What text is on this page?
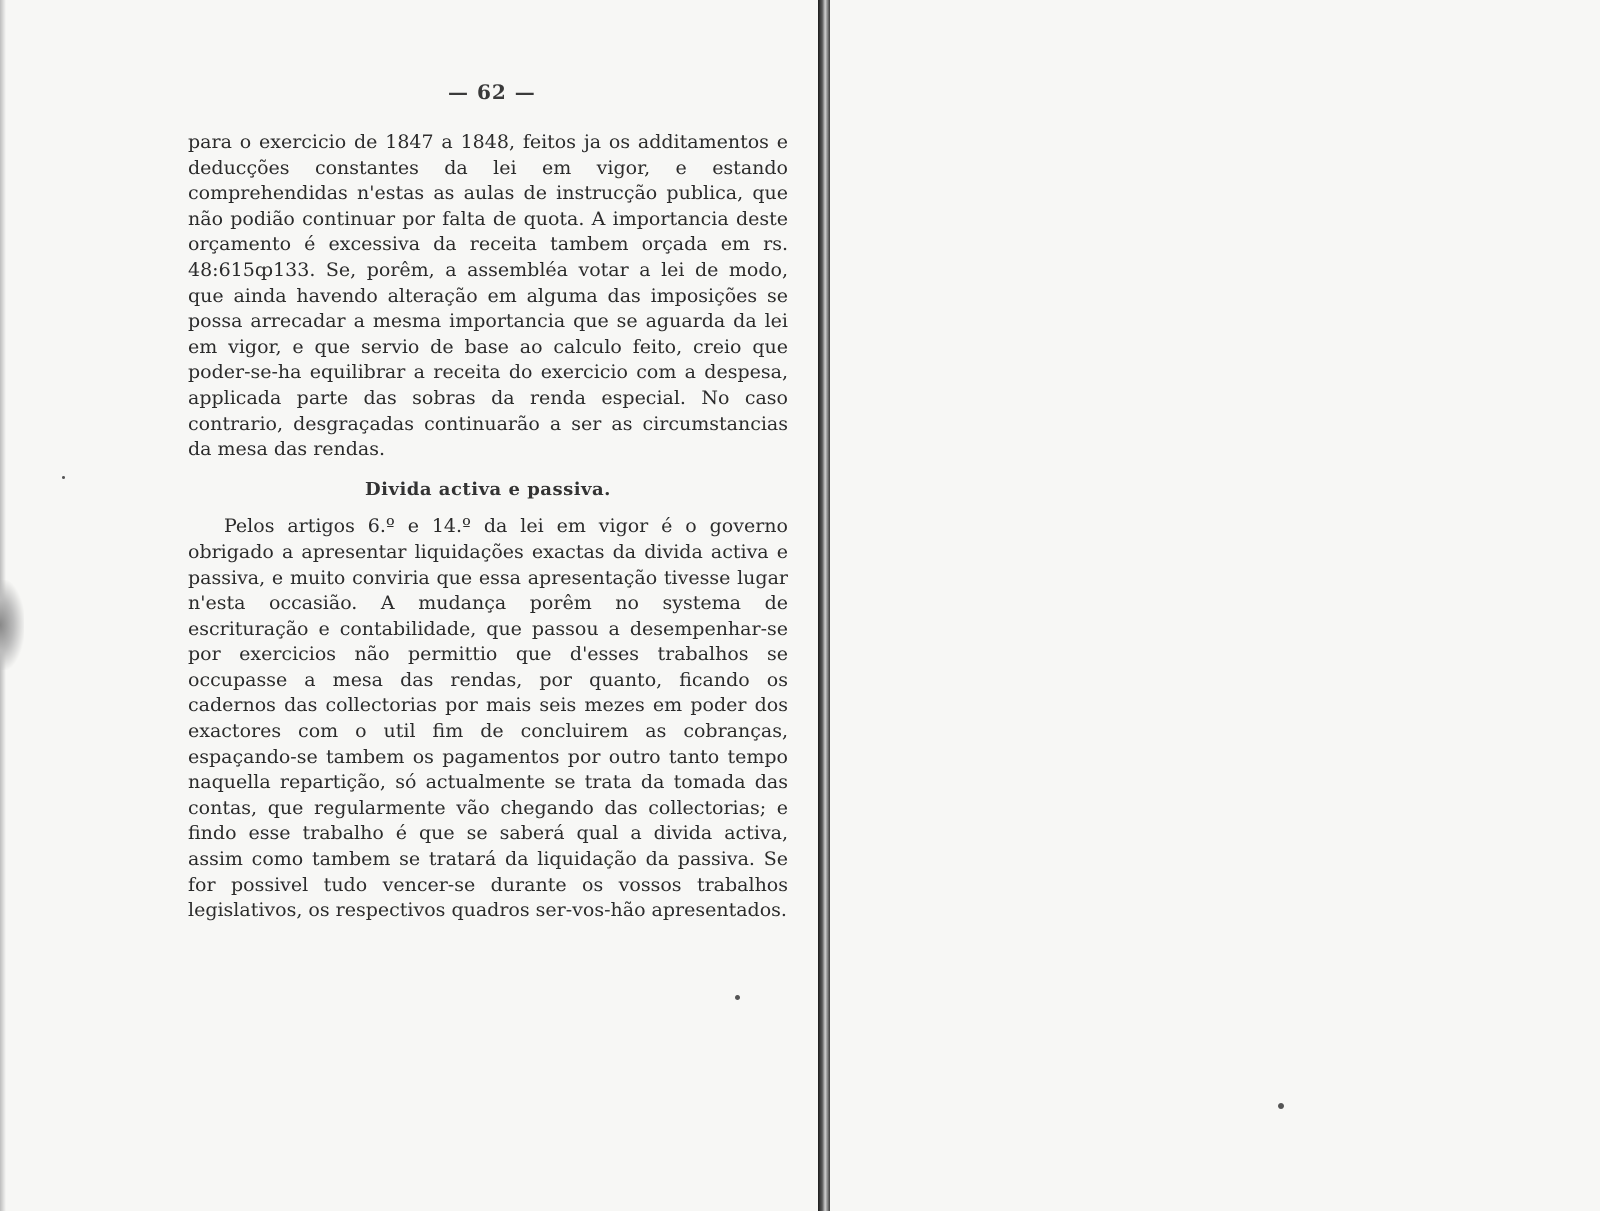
— 62 —

para o exercicio de 1847 a 1848, feitos ja os additamentos e deducções constantes da lei em vigor, e estando comprehendidas n'estas as aulas de instrucção publica, que não podião continuar por falta de quota. A importancia deste orçamento é excessiva da receita tambem orçada em rs. 48:615ȹ133. Se, porêm, a assembléa votar a lei de modo, que ainda havendo alteração em alguma das imposições se possa arrecadar a mesma importancia que se aguarda da lei em vigor, e que servio de base ao calculo feito, creio que poder-se-ha equilibrar a receita do exercicio com a despesa, applicada parte das sobras da renda especial. No caso contrario, desgraçadas continuarão a ser as circumstancias da mesa das rendas.

Divida activa e passiva.

Pelos artigos 6.º e 14.º da lei em vigor é o governo obrigado a apresentar liquidações exactas da divida activa e passiva, e muito conviria que essa apresentação tivesse lugar n'esta occasião. A mudança porêm no systema de escrituração e contabilidade, que passou a desempenhar-se por exercicios não permittio que d'esses trabalhos se occupasse a mesa das rendas, por quanto, ficando os cadernos das collectorias por mais seis mezes em poder dos exactores com o util fim de concluirem as cobranças, espaçando-se tambem os pagamentos por outro tanto tempo naquella repartição, só actualmente se trata da tomada das contas, que regularmente vão chegando das collectorias; e findo esse trabalho é que se saberá qual a divida activa, assim como tambem se tratará da liquidação da passiva. Se for possivel tudo vencer-se durante os vossos trabalhos legislativos, os respectivos quadros ser-vos-hão apresentados.
